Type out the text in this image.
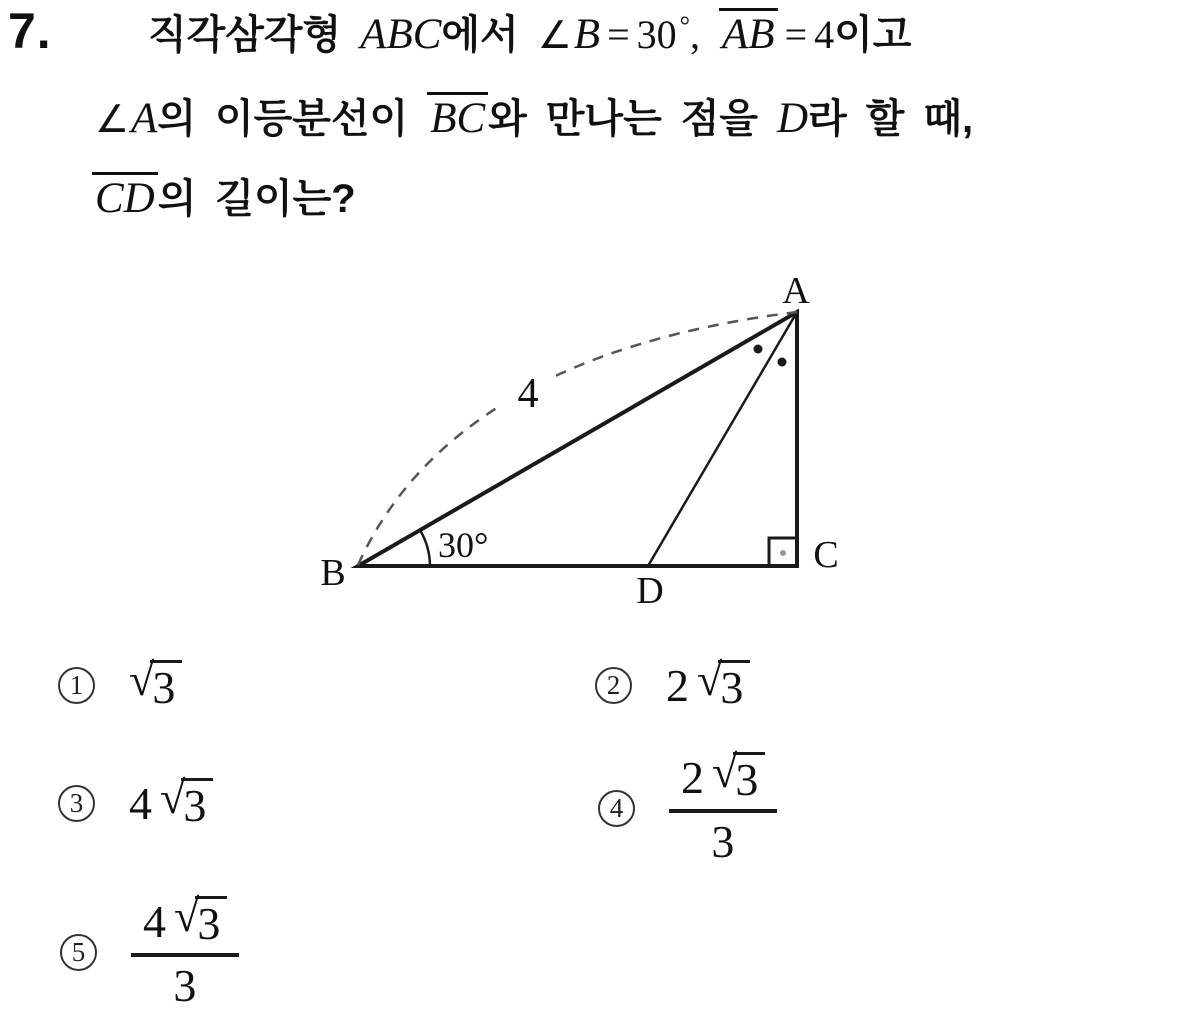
7. 직각삼각형 ABC에서 ∠B = 30 °, AB = 4이고
∠A의 이등분선이 BC와 만나는 점을 D라 할 때,
CD의 길이는?
A
B	C
D
4
30°
1 √
3	2 2 √
3
3 4 √
3	4 2 √
3
3
5 4 √
3
3
